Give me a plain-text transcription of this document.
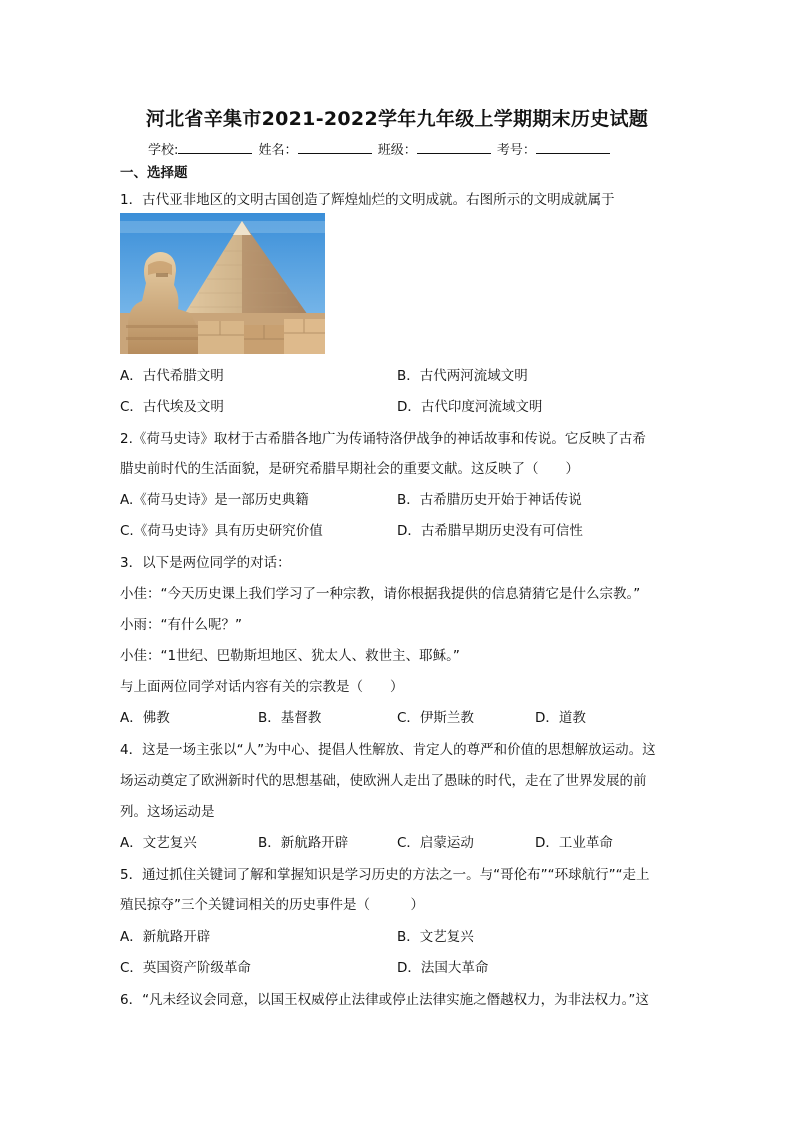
河北省辛集市2021-2022学年九年级上学期期末历史试题
学校:	姓名：	班级：	考号：
一、选择题
1．古代亚非地区的文明古国创造了辉煌灿烂的文明成就。右图所示的文明成就属于
A．古代希腊文明	B．古代两河流域文明
C．古代埃及文明	D．古代印度河流域文明
2.《荷马史诗》取材于古希腊各地广为传诵特洛伊战争的神话故事和传说。它反映了古希
腊史前时代的生活面貌，是研究希腊早期社会的重要文献。这反映了（　　）
A.《荷马史诗》是一部历史典籍	B．古希腊历史开始于神话传说
C.《荷马史诗》具有历史研究价值	D．古希腊早期历史没有可信性
3．以下是两位同学的对话：
小佳：“今天历史课上我们学习了一种宗教，请你根据我提供的信息猜猜它是什么宗教。”
小雨：“有什么呢？”
小佳：“1世纪、巴勒斯坦地区、犹太人、救世主、耶稣。”
与上面两位同学对话内容有关的宗教是（　　）
A．佛教	B．基督教	C．伊斯兰教	D．道教
4．这是一场主张以“人”为中心、提倡人性解放、肯定人的尊严和价值的思想解放运动。这
场运动奠定了欧洲新时代的思想基础，使欧洲人走出了愚昧的时代，走在了世界发展的前
列。这场运动是
A．文艺复兴	B．新航路开辟	C．启蒙运动	D．工业革命
5．通过抓住关键词了解和掌握知识是学习历史的方法之一。与“哥伦布”“环球航行”“走上
殖民掠夺”三个关键词相关的历史事件是（　　　）
A．新航路开辟	B．文艺复兴
C．英国资产阶级革命	D．法国大革命
6．“凡未经议会同意，以国王权威停止法律或停止法律实施之僭越权力，为非法权力。”这
